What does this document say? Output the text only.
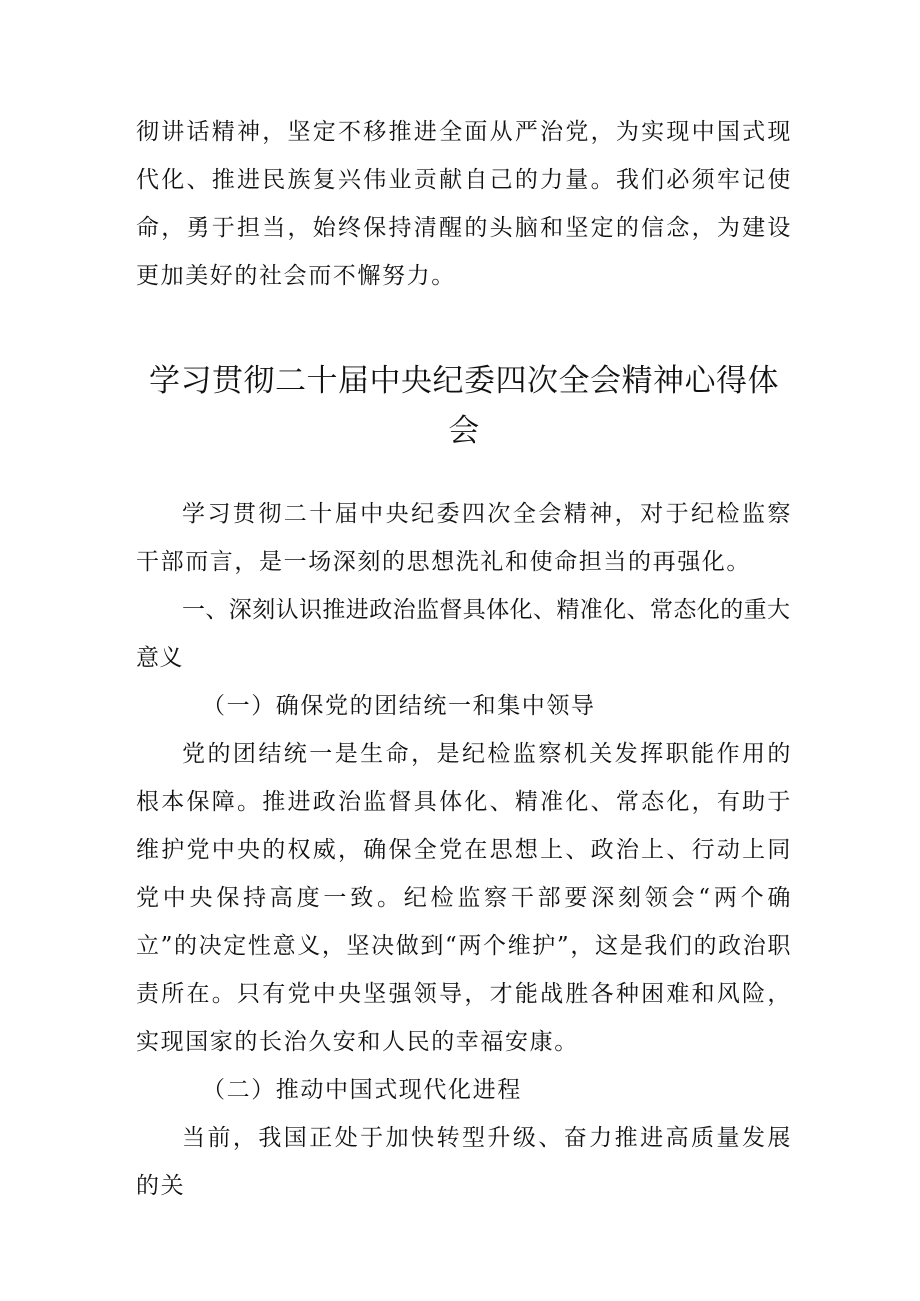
彻讲话精神，坚定不移推进全面从严治党，为实现中国式现代化、推进民族复兴伟业贡献自己的力量。我们必须牢记使命，勇于担当，始终保持清醒的头脑和坚定的信念，为建设更加美好的社会而不懈努力。

学习贯彻二十届中央纪委四次全会精神心得体会

学习贯彻二十届中央纪委四次全会精神，对于纪检监察干部而言，是一场深刻的思想洗礼和使命担当的再强化。

一、深刻认识推进政治监督具体化、精准化、常态化的重大意义

（一）确保党的团结统一和集中领导

党的团结统一是生命，是纪检监察机关发挥职能作用的根本保障。推进政治监督具体化、精准化、常态化，有助于维护党中央的权威，确保全党在思想上、政治上、行动上同党中央保持高度一致。纪检监察干部要深刻领会“两个确立”的决定性意义，坚决做到“两个维护”，这是我们的政治职责所在。只有党中央坚强领导，才能战胜各种困难和风险，实现国家的长治久安和人民的幸福安康。

（二）推动中国式现代化进程

当前，我国正处于加快转型升级、奋力推进高质量发展的关
